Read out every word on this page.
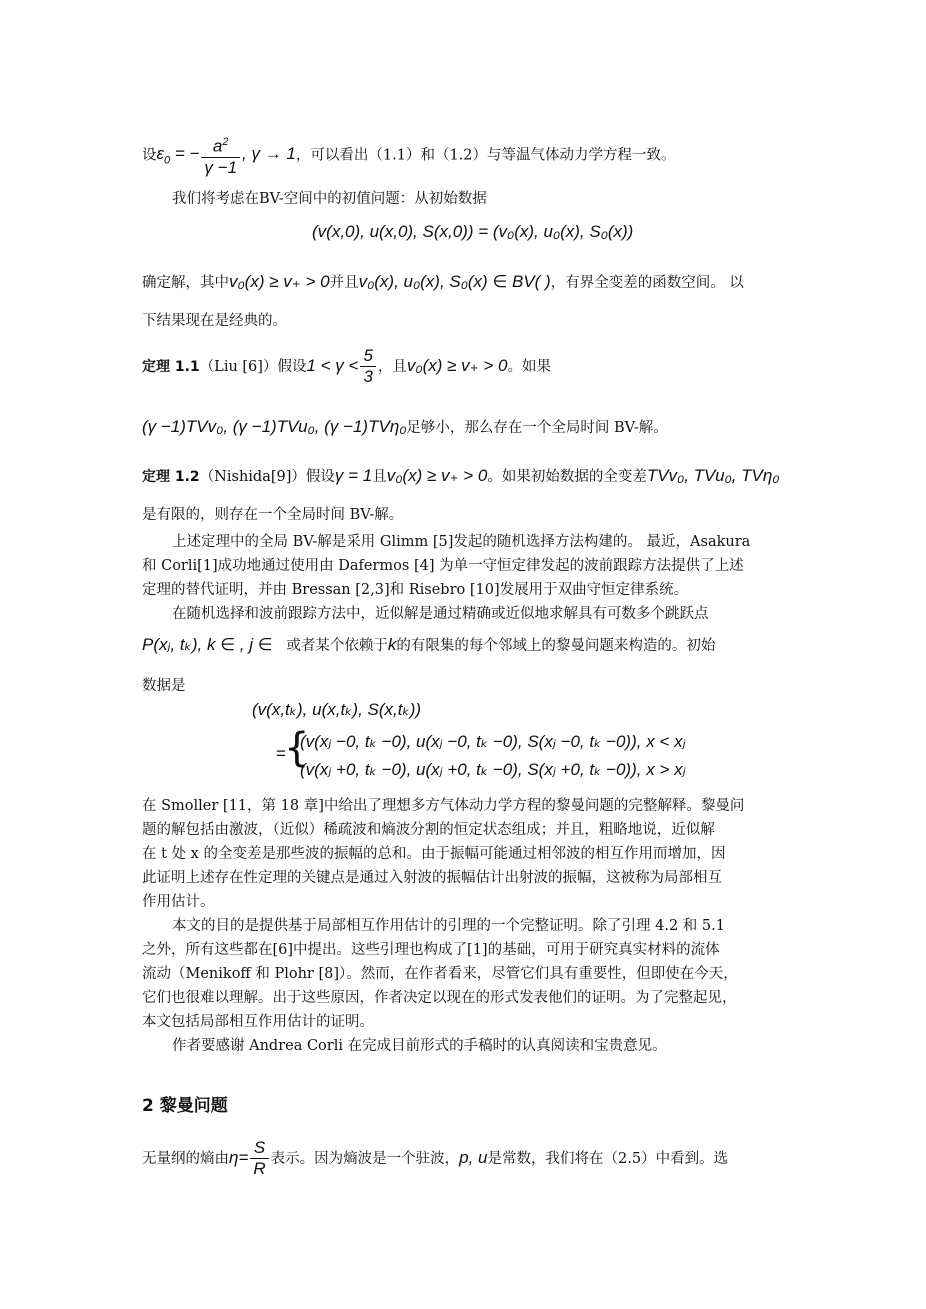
设$\varepsilon_0$ = − $\frac{a^2}{\gamma -1}$ , γ → 1，可以看出（1.1）和（1.2）与等温气体动力学方程一致。
我们将考虑在BV-空间中的初值问题：从初始数据
(v(x,0), u(x,0), S(x,0)) = (v₀(x), u₀(x), S₀(x))
确定解，其中v₀(x) ≥ v₊ > 0并且v₀(x), u₀(x), S₀(x) ∈ BV( )，有界全变差的函数空间。 以
下结果现在是经典的。
定理 1.1（Liu [6]）假设$1 < \gamma < \frac{5}{3}$ ，且v₀(x) ≥ v₊ > 0。如果
(γ −1)TVv₀, (γ −1)TVu₀, (γ −1)TVη₀足够小，那么存在一个全局时间 BV-解。
定理 1.2（Nishida[9]）假设γ = 1且v₀(x) ≥ v₊ > 0。如果初始数据的全变差TVv₀, TVu₀, TVη₀
是有限的，则存在一个全局时间 BV-解。
上述定理中的全局 BV-解是采用 Glimm [5]发起的随机选择方法构建的。 最近，Asakura
和 Corli[1]成功地通过使用由 Dafermos [4] 为单一守恒定律发起的波前跟踪方法提供了上述
定理的替代证明，并由 Bressan [2,3]和 Risebro [10]发展用于双曲守恒定律系统。
在随机选择和波前跟踪方法中，近似解是通过精确或近似地求解具有可数多个跳跃点
P(xⱼ, tₖ), k ∈ , j ∈ 或者某个依赖于k的有限集的每个邻域上的黎曼问题来构造的。初始
数据是
(v(x,tₖ), u(x,tₖ), S(x,tₖ))
=
{
(v(xⱼ −0, tₖ −0), u(xⱼ −0, tₖ −0), S(xⱼ −0, tₖ −0)), x < xⱼ
(v(xⱼ +0, tₖ −0), u(xⱼ +0, tₖ −0), S(xⱼ +0, tₖ −0)), x > xⱼ
在 Smoller [11，第 18 章]中给出了理想多方气体动力学方程的黎曼问题的完整解释。黎曼问
题的解包括由激波，（近似）稀疏波和熵波分割的恒定状态组成；并且，粗略地说，近似解
在 t 处 x 的全变差是那些波的振幅的总和。由于振幅可能通过相邻波的相互作用而增加，因
此证明上述存在性定理的关键点是通过入射波的振幅估计出射波的振幅，这被称为局部相互
作用估计。
本文的目的是提供基于局部相互作用估计的引理的一个完整证明。除了引理 4.2 和 5.1
之外，所有这些都在[6]中提出。这些引理也构成了[1]的基础，可用于研究真实材料的流体
流动（Menikoff 和 Plohr [8]）。然而，在作者看来，尽管它们具有重要性，但即使在今天，
它们也很难以理解。出于这些原因，作者决定以现在的形式发表他们的证明。为了完整起见，
本文包括局部相互作用估计的证明。
作者要感谢 Andrea Corli 在完成目前形式的手稿时的认真阅读和宝贵意见。
2 黎曼问题
无量纲的熵由$\eta= \frac{S}{R}$ 表示。因为熵波是一个驻波，p, u是常数，我们将在（2.5）中看到。选
